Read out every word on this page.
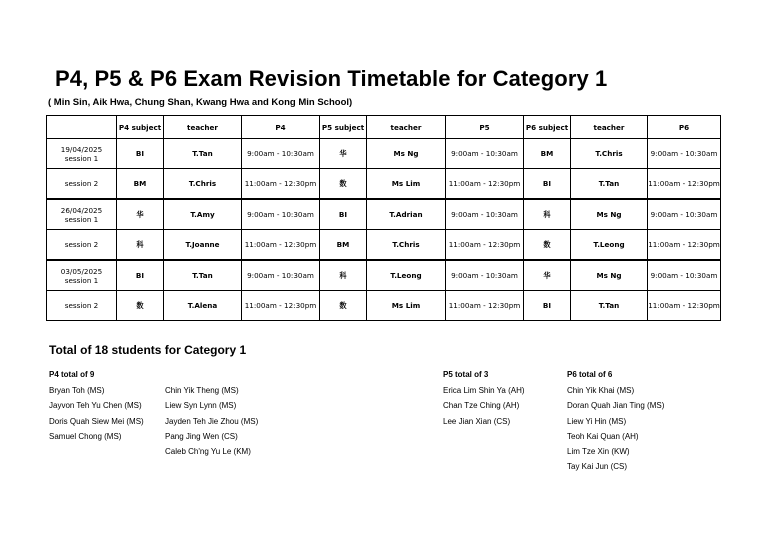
P4, P5 & P6 Exam Revision Timetable for Category 1
( Min Sin, Aik Hwa, Chung Shan, Kwang Hwa and Kong Min School)
	P4 subject	teacher	P4	P5 subject	teacher	P5	P6 subject	teacher	P6

19/04/2025
session 1	BI	T.Tan	9:00am - 10:30am	华	Ms Ng	9:00am - 10:30am	BM	T.Chris	9:00am - 10:30am
session 2	BM	T.Chris	11:00am - 12:30pm	数	Ms Lim	11:00am - 12:30pm	BI	T.Tan	11:00am - 12:30pm

26/04/2025
session 1	华	T.Amy	9:00am - 10:30am	BI	T.Adrian	9:00am - 10:30am	科	Ms Ng	9:00am - 10:30am
session 2	科	T.Joanne	11:00am - 12:30pm	BM	T.Chris	11:00am - 12:30pm	数	T.Leong	11:00am - 12:30pm

03/05/2025
session 1	BI	T.Tan	9:00am - 10:30am	科	T.Leong	9:00am - 10:30am	华	Ms Ng	9:00am - 10:30am
session 2	数	T.Alena	11:00am - 12:30pm	数	Ms Lim	11:00am - 12:30pm	BI	T.Tan	11:00am - 12:30pm
Total of 18 students for Category 1
P4 total of 9
Bryan Toh (MS)
Jayvon Teh Yu Chen (MS)
Doris Quah Siew Mei (MS)
Samuel Chong (MS)
Chin Yik Theng (MS)
Liew Syn Lynn (MS)
Jayden Teh Jie Zhou (MS)
Pang Jing Wen (CS)
Caleb Ch'ng Yu Le (KM)
P5 total of 3
Erica Lim Shin Ya (AH)
Chan Tze Ching (AH)
Lee Jian Xian (CS)
P6 total of 6
Chin Yik Khai (MS)
Doran Quah Jian Ting (MS)
Liew Yi Hin (MS)
Teoh Kai Quan (AH)
Lim Tze Xin (KW)
Tay Kai Jun (CS)
